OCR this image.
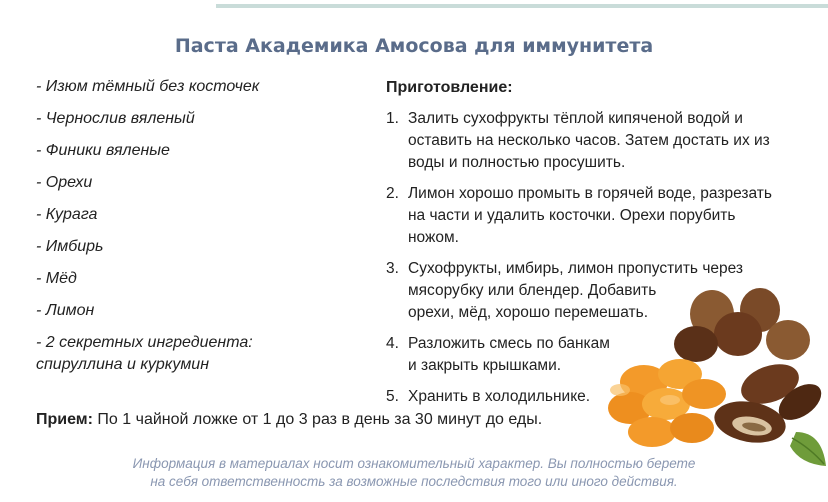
Паста Академика Амосова для иммунитета
- Изюм тёмный без косточек
- Чернослив вяленый
- Финики вяленые
- Орехи
- Курага
- Имбирь
- Мёд
- Лимон
- 2 секретных ингредиента:
спируллина и куркумин
Приготовление:
1. Залить сухофрукты тёплой кипяченой водой и
оставить на несколько часов. Затем достать их из
воды и полностью просушить.
2. Лимон хорошо промыть в горячей воде, разрезать
на части и удалить косточки. Орехи порубить
ножом.
3. Сухофрукты, имбирь, лимон пропустить через
мясорубку или блендер. Добавить
орехи, мёд, хорошо перемешать.
4. Разложить смесь по банкам
и закрыть крышками.
5. Хранить в холодильнике.
Прием: По 1 чайной ложке от 1 до 3 раз в день за 30 минут до еды.
Информация в материалах носит ознакомительный характер. Вы полностью берете
на себя ответственность за возможные последствия того или иного действия.
